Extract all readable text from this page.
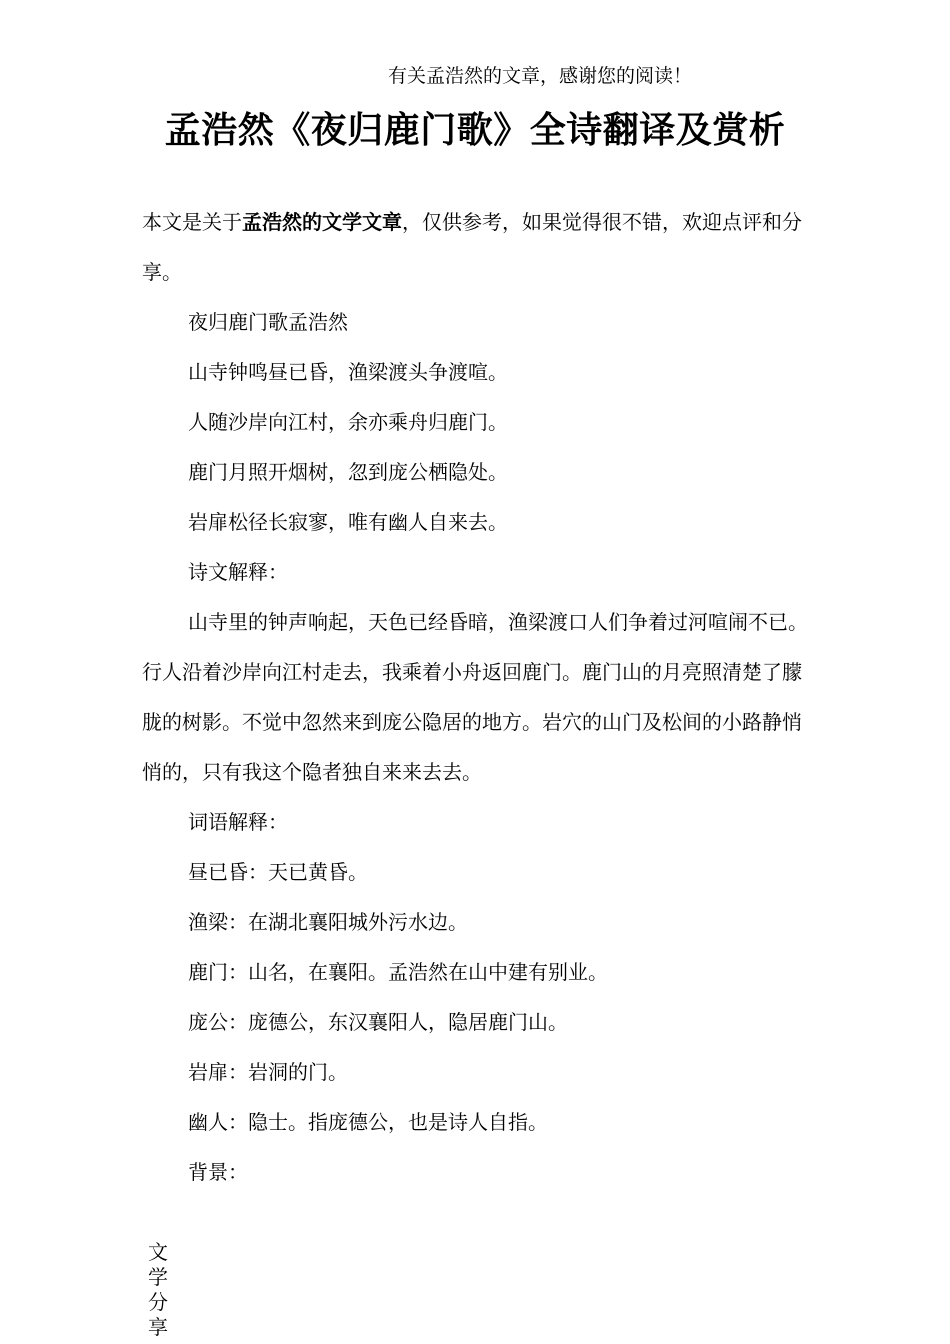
有关孟浩然的文章，感谢您的阅读！
孟浩然《夜归鹿门歌》全诗翻译及赏析

本文是关于孟浩然的文学文章，仅供参考，如果觉得很不错，欢迎点评和分享。

夜归鹿门歌孟浩然

山寺钟鸣昼已昏，渔梁渡头争渡喧。

人随沙岸向江村，余亦乘舟归鹿门。

鹿门月照开烟树，忽到庞公栖隐处。

岩扉松径长寂寥，唯有幽人自来去。

诗文解释：

山寺里的钟声响起，天色已经昏暗，渔梁渡口人们争着过河喧闹不已。行人沿着沙岸向江村走去，我乘着小舟返回鹿门。鹿门山的月亮照清楚了朦胧的树影。不觉中忽然来到庞公隐居的地方。岩穴的山门及松间的小路静悄悄的，只有我这个隐者独自来来去去。

词语解释：

昼已昏：天已黄昏。

渔梁：在湖北襄阳城外污水边。

鹿门：山名，在襄阳。孟浩然在山中建有别业。

庞公：庞德公，东汉襄阳人，隐居鹿门山。

岩扉：岩洞的门。

幽人：隐士。指庞德公，也是诗人自指。

背景：

文学分享
